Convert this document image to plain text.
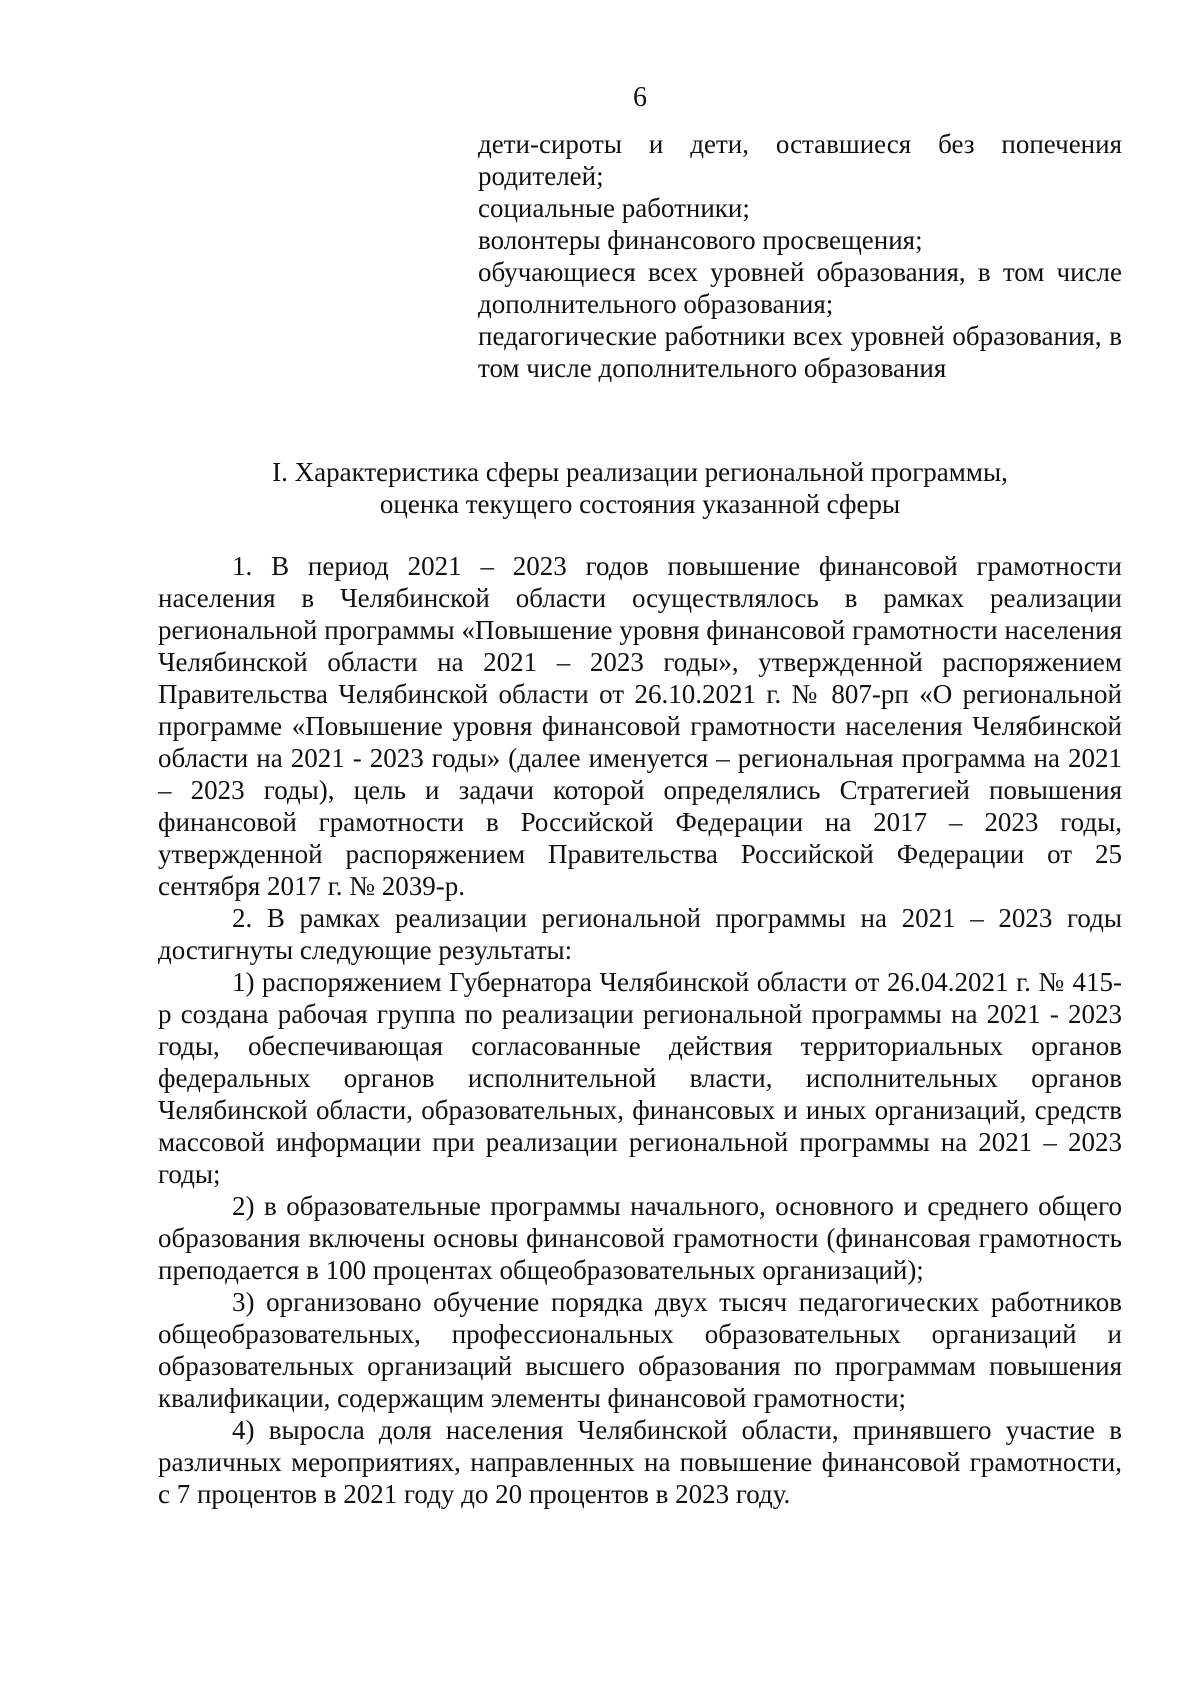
6
дети-сироты и дети, оставшиеся без попечения родителей;
социальные работники;
волонтеры финансового просвещения;
обучающиеся всех уровней образования, в том числе дополнительного образования;
педагогические работники всех уровней образования, в том числе дополнительного образования
I. Характеристика сферы реализации региональной программы,
оценка текущего состояния указанной сферы

1. В период 2021 – 2023 годов повышение финансовой грамотности населения в Челябинской области осуществлялось в рамках реализации региональной программы «Повышение уровня финансовой грамотности населения Челябинской области на 2021 – 2023 годы», утвержденной распоряжением Правительства Челябинской области от 26.10.2021 г. № 807-рп «О региональной программе «Повышение уровня финансовой грамотности населения Челябинской области на 2021 - 2023 годы» (далее именуется – региональная программа на 2021 – 2023 годы), цель и задачи которой определялись Стратегией повышения финансовой грамотности в Российской Федерации на 2017 – 2023 годы, утвержденной распоряжением Правительства Российской Федерации от 25 сентября 2017 г. № 2039-р.

2. В рамках реализации региональной программы на 2021 – 2023 годы достигнуты следующие результаты:

1) распоряжением Губернатора Челябинской области от 26.04.2021 г. № 415-р создана рабочая группа по реализации региональной программы на 2021 - 2023 годы, обеспечивающая согласованные действия территориальных органов федеральных органов исполнительной власти, исполнительных органов Челябинской области, образовательных, финансовых и иных организаций, средств массовой информации при реализации региональной программы на 2021 – 2023 годы;

2) в образовательные программы начального, основного и среднего общего образования включены основы финансовой грамотности (финансовая грамотность преподается в 100 процентах общеобразовательных организаций);

3) организовано обучение порядка двух тысяч педагогических работников общеобразовательных, профессиональных образовательных организаций и образовательных организаций высшего образования по программам повышения квалификации, содержащим элементы финансовой грамотности;

4) выросла доля населения Челябинской области, принявшего участие в различных мероприятиях, направленных на повышение финансовой грамотности, с 7 процентов в 2021 году до 20 процентов в 2023 году.
